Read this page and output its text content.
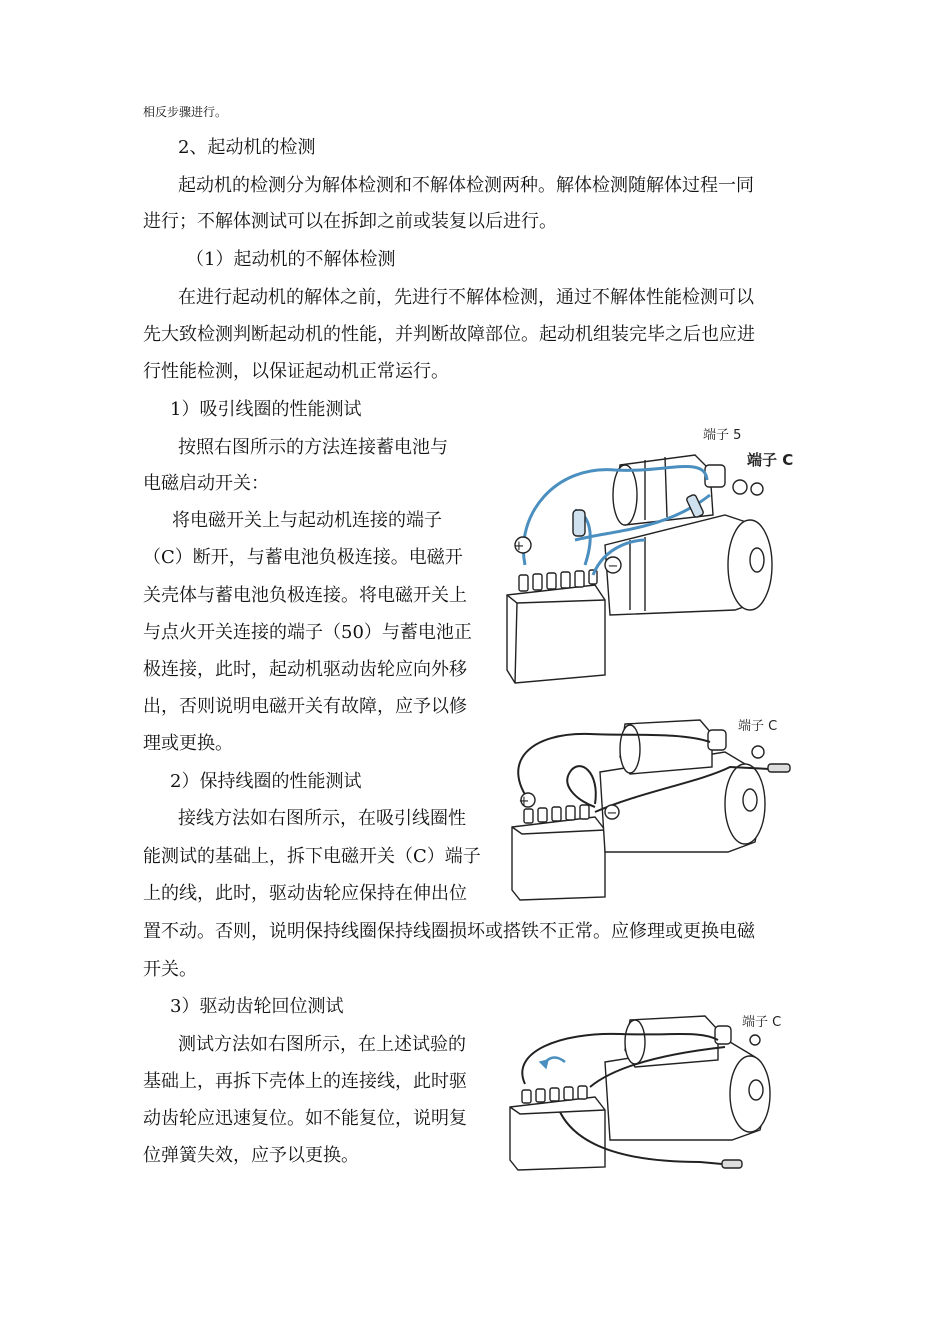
相反步骤进行。

2、起动机的检测

起动机的检测分为解体检测和不解体检测两种。解体检测随解体过程一同

进行；不解体测试可以在拆卸之前或装复以后进行。

（1）起动机的不解体检测

在进行起动机的解体之前，先进行不解体检测，通过不解体性能检测可以

先大致检测判断起动机的性能，并判断故障部位。起动机组装完毕之后也应进

行性能检测，以保证起动机正常运行。

1）吸引线圈的性能测试

按照右图所示的方法连接蓄电池与

电磁启动开关：

将电磁开关上与起动机连接的端子

（C）断开，与蓄电池负极连接。电磁开

关壳体与蓄电池负极连接。将电磁开关上

与点火开关连接的端子（50）与蓄电池正

极连接，此时，起动机驱动齿轮应向外移

出，否则说明电磁开关有故障，应予以修

理或更换。

2）保持线圈的性能测试

接线方法如右图所示，在吸引线圈性

能测试的基础上，拆下电磁开关（C）端子

上的线，此时，驱动齿轮应保持在伸出位

置不动。否则，说明保持线圈保持线圈损坏或搭铁不正常。应修理或更换电磁

开关。

3）驱动齿轮回位测试

测试方法如右图所示，在上述试验的

基础上，再拆下壳体上的连接线，此时驱

动齿轮应迅速复位。如不能复位，说明复

位弹簧失效，应予以更换。

+
−
端子 5
端子 C
+
−
端子 C
端子 C
